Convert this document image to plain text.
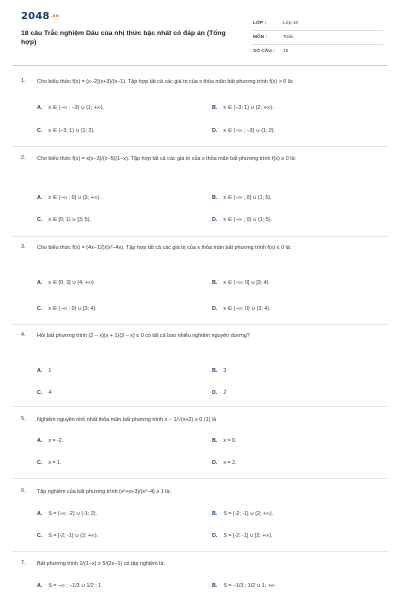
2048.vn
18 câu Trắc nghiệm Dấu của nhị thức bậc nhất có đáp án (Tổng hợp)
LỚP :	Lớp 10
MÔN :	Toán
SỐ CÂU :	18
1. Cho biểu thức f(x) = (x−2)(x+3)/(x−1). Tập hợp tất cả các giá trị của x thỏa mãn bất phương trình f(x) > 0 là:
A. x ∈ (−∞ ; −3) ∪ (1; +∞).	B. x ∈ (−3; 1) ∪ (2; +∞).
C. x ∈ (−3; 1) ∪ (1; 2).	D. x ∈ (−∞ ; −3) ∪ (1; 2).
2. Cho biểu thức f(x) = x(x−3)/(x−5)(1−x). Tập hợp tất cả các giá trị của x thỏa mãn bất phương trình f(x) ≥ 0 là:
A. x ∈ (−∞ ; 0] ∪ (3; +∞).	B. x ∈ (−∞ ; 0] ∪ (1; 5).
C. x ∈ [0; 1) ∪ [3; 5).	D. x ∈ (−∞ ; 0) ∪ (1; 5).
3. Cho biểu thức f(x) = (4x−12)/(x²−4x). Tập hợp tất cả các giá trị của x thỏa mãn bất phương trình f(x) ≤ 0 là:
A. x ∈ (0; 3] ∪ (4; +∞).	B. x ∈ (−∞; 0] ∪ [3; 4).
C. x ∈ (−∞ ; 0) ∪ [3; 4).	D. x ∈ (−∞; 0) ∪ (3; 4).
4. Hỏi bất phương trình (2 − x)(x + 1)(3 − x) ≤ 0 có tất cả bao nhiêu nghiệm nguyên dương?
A. 1	B. 3
C. 4	D. 2
5. Nghiệm nguyên nhỏ nhất thỏa mãn bất phương trình x − 1/√(x+2) ≥ 0 (1) là
A. x = -2.	B. x = 0.
C. x = 1.	D. x = 2.
6. Tập nghiệm của bất phương trình (x²+x+3)/(x²−4) ≥ 1 là:
A. S = (-∞; -2) ∪ (-1; 2).	B. S = (-2; -1] ∪ (2; +∞).
C. S = [-2; -1) ∪ (2; +∞).	D. S = [-2; -1] ∪ [2; +∞).
7. Bất phương trình 2/(1−x) ≥ 5/(2x−1) có tập nghiệm là:
A. S = −∞ ; −1/3 ∪ 1/2 ; 1	B. S = −1/3 ; 1/2 ∪ 1; +∞
